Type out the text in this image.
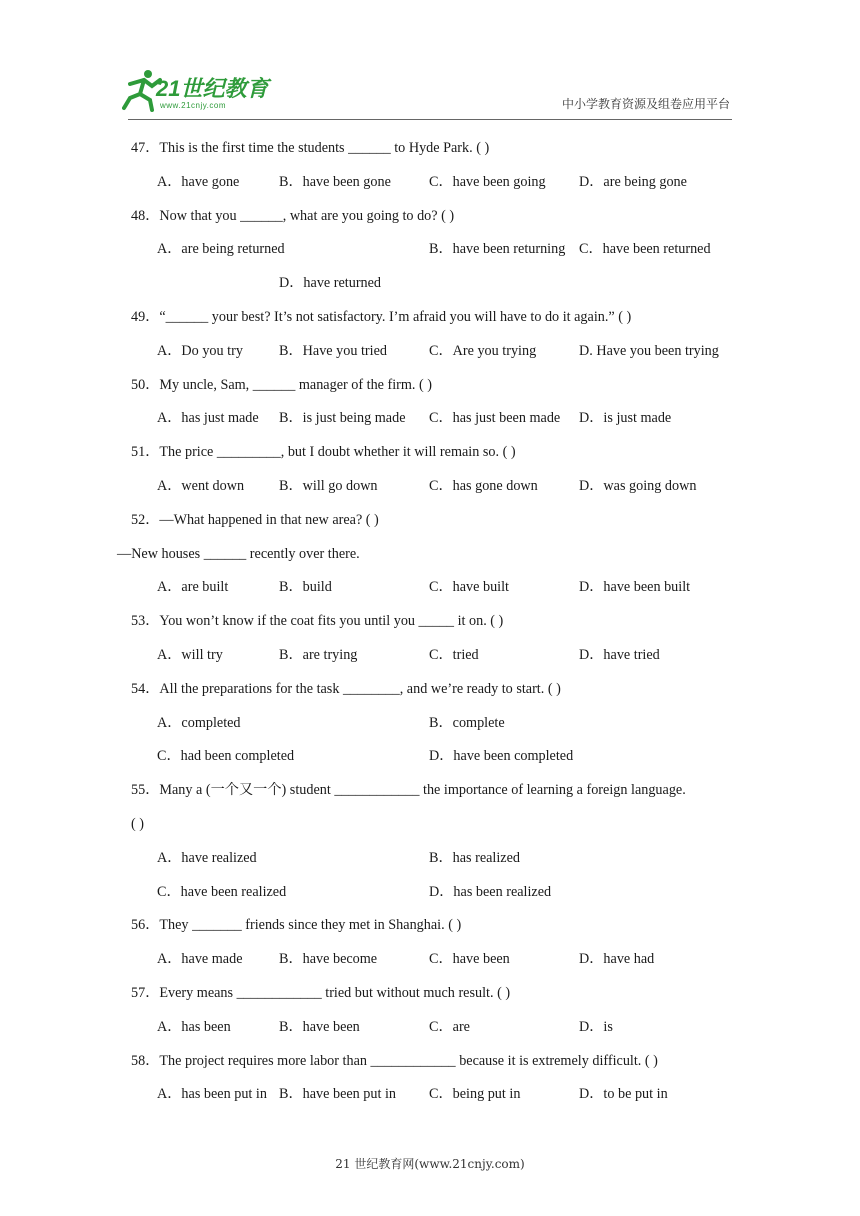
21世纪教育
www.21cnjy.com	中小学教育资源及组卷应用平台
47．This is the first time the students ______ to Hyde Park. ( )
A．have gone	B．have been gone	C．have been going D．are being gone
48．Now that you ______, what are you going to do? ( )
A．are being returned	B．have been returning C．have been returned
D．have returned
49．“______ your best? It’s not satisfactory. I’m afraid you will have to do it again.” ( )
A．Do you try	B．Have you tried	C．Are you trying	D. Have you been trying
50．My uncle, Sam, ______ manager of the firm. ( )
A．has just made B．is just being made C．has just been made D．is just made
51．The price _________, but I doubt whether it will remain so. ( )
A．went down B．will go down	C．has gone down	D．was going down
52．—What happened in that new area? ( )
—New houses ______ recently over there.
A．are built	B．build	C．have built	D．have been built
53．You won’t know if the coat fits you until you _____ it on. ( )
A．will try	B．are trying	C．tried	D．have tried
54．All the preparations for the task ________, and we’re ready to start. ( )
A．completed	B．complete
C．had been completed	D．have been completed
55．Many a (一个又一个) student ____________ the importance of learning a foreign language.
( )
A．have realized	B．has realized
C．have been realized	D．has been realized
56．They _______ friends since they met in Shanghai. ( )
A．have made	B．have become	C．have been	D．have had
57．Every means ____________ tried but without much result. ( )
A．has been	B．have been	C．are	D．is
58．The project requires more labor than ____________ because it is extremely difficult. ( )
A．has been put in B．have been put in C．being put in	D．to be put in
21 世纪教育网(www.21cnjy.com)
